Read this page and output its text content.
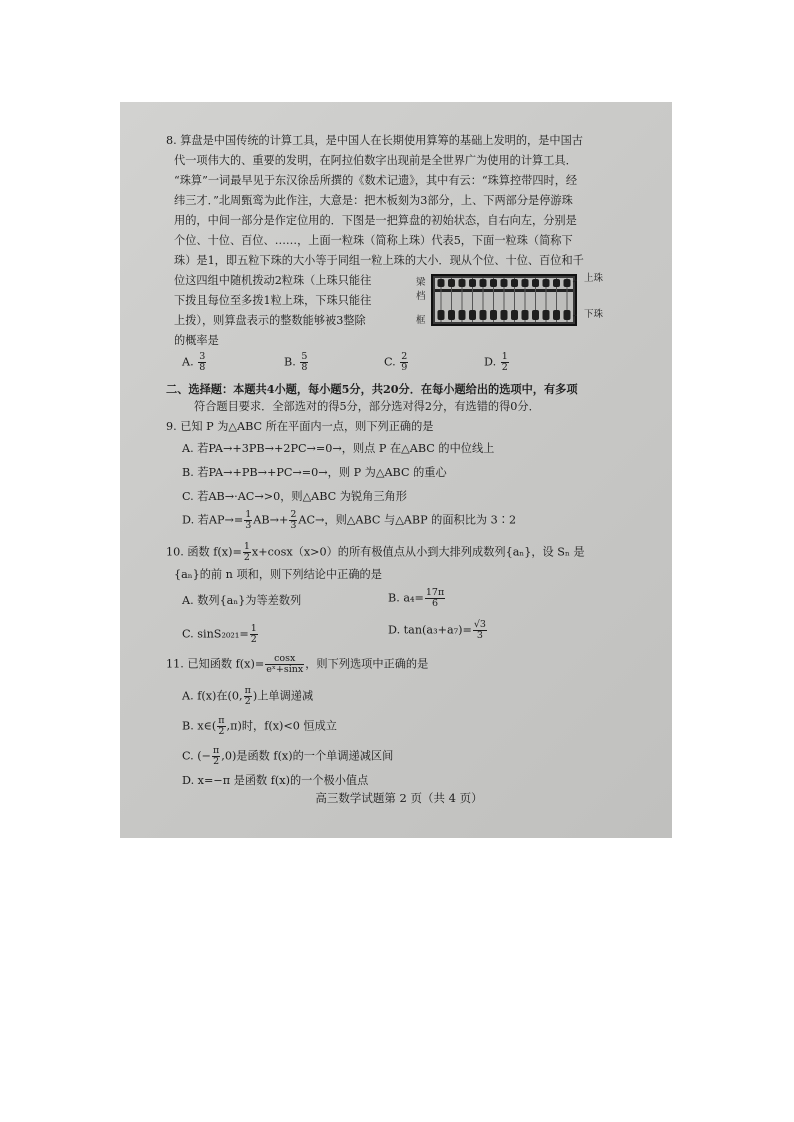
8. 算盘是中国传统的计算工具，是中国人在长期使用算筹的基础上发明的，是中国古
代一项伟大的、重要的发明，在阿拉伯数字出现前是全世界广为使用的计算工具．
“珠算”一词最早见于东汉徐岳所撰的《数术记遗》，其中有云：“珠算控带四时，经
纬三才．”北周甄鸾为此作注，大意是：把木板刻为3部分，上、下两部分是停游珠
用的，中间一部分是作定位用的．下图是一把算盘的初始状态，自右向左，分别是
个位、十位、百位、……，上面一粒珠（简称上珠）代表5，下面一粒珠（简称下
珠）是1，即五粒下珠的大小等于同组一粒上珠的大小．现从个位、十位、百位和千
位这四组中随机拨动2粒珠（上珠只能往
下拨且每位至多拨1粒上珠，下珠只能往
上拨），则算盘表示的整数能够被3整除
的概率是
梁
档
框
上珠
下珠
A. $\frac{3}{8}$	B. $\frac{5}{8}$	C. $\frac{2}{9}$	D. $\frac{1}{2}$
二、选择题：本题共4小题，每小题5分，共20分．在每小题给出的选项中，有多项
符合题目要求．全部选对的得5分，部分选对得2分，有选错的得0分．
9. 已知 P 为△ABC 所在平面内一点，则下列正确的是
A. 若PA→+3PB→+2PC→=0→，则点 P 在△ABC 的中位线上
B. 若PA→+PB→+PC→=0→，则 P 为△ABC 的重心
C. 若AB→·AC→>0，则△ABC 为锐角三角形
D. 若$AP\to= \frac{1}{3} AB\to+ \frac{2}{3} AC\to$，则△ABC 与△ABP 的面积比为 3∶2
10. 函数 $f(x)= \frac{1}{2} x+\cos x(x>0)$的所有极值点从小到大排列成数列{aₙ}，设 Sₙ 是
{aₙ}的前 n 项和，则下列结论中正确的是
A. 数列{aₙ}为等差数列	B. $a_4= \frac{17\pi}{6}$
C. $\sin S_{2021}= \frac{1}{2}$	D. $\tan(a_3+a_7)= \frac{√3}{3}$
11. 已知函数 $f(x)= \frac{\cos x}{\text{eˣ+sinx}}$ ，则下列选项中正确的是
A. f(x)在(0, $\frac{\pi}{2}$ )上单调递减
B. x∈( $\frac{\pi}{2} ,\pi$)时，f(x)<0 恒成立
C. (− $\frac{\pi}{2} ,0$)是函数 f(x)的一个单调递减区间
D. x=−π 是函数 f(x)的一个极小值点
高三数学试题第 2 页（共 4 页）
